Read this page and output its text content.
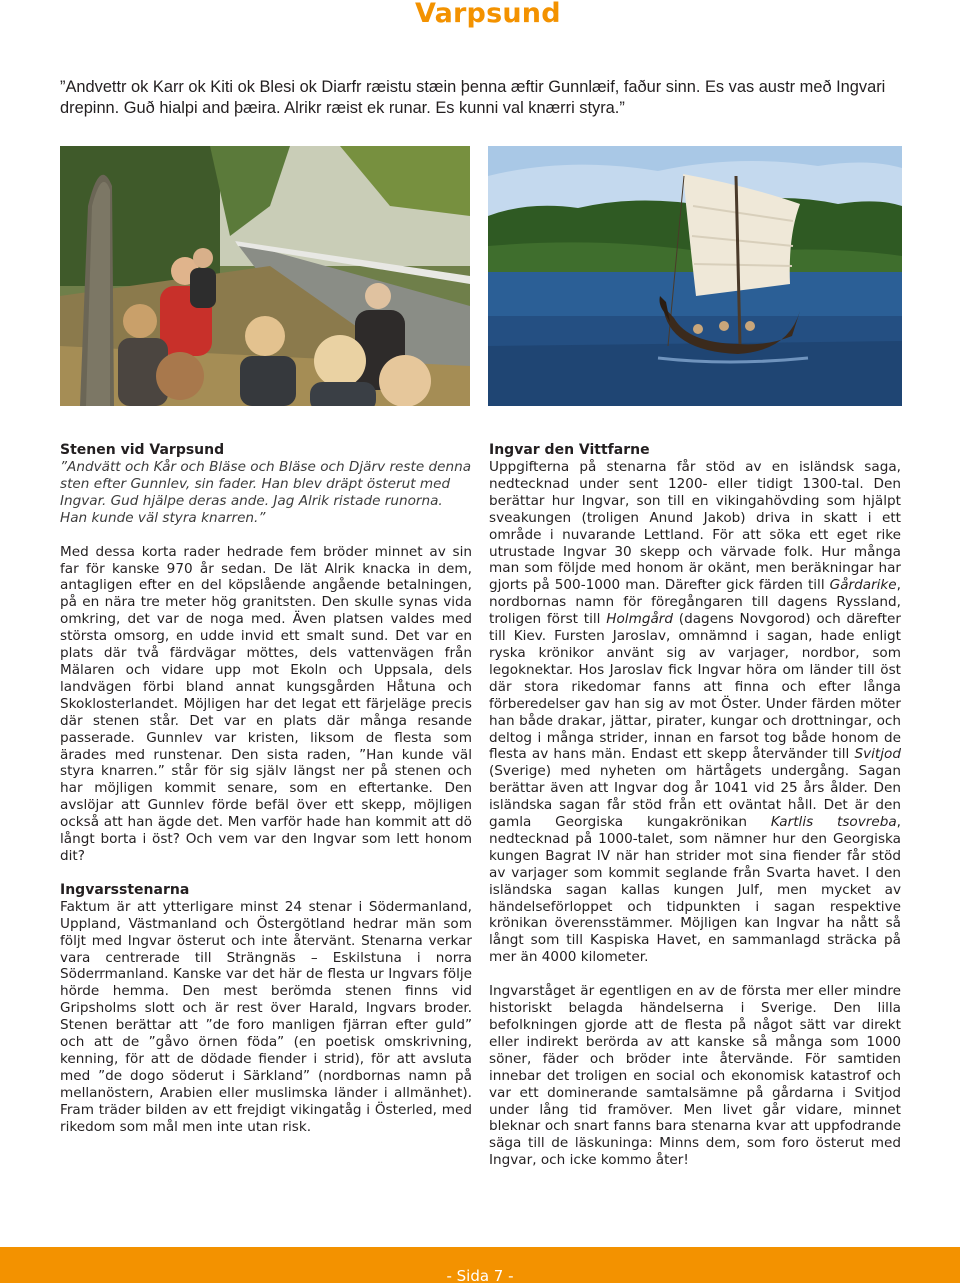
Varpsund

”Andvettr ok Karr ok Kiti ok Blesi ok Diarfr ræistu stæin þenna æftir Gunnlæif, faður sinn. Es vas austr með Ingvari drepinn. Guð hialpi and þæira. Alrikr ræist ek runar. Es kunni val knærri styra.”

Stenen vid Varpsund

”Andvätt och Kår och Bläse och Bläse och Djärv reste denna sten efter Gunnlev, sin fader. Han blev dräpt österut med Ingvar. Gud hjälpe deras ande. Jag Alrik ristade runorna. Han kunde väl styra knarren.”

Med dessa korta rader hedrade fem bröder minnet av sin far för kanske 970 år sedan. De lät Alrik knacka in dem, antagligen efter en del köpslående angående betalningen, på en nära tre meter hög granitsten. Den skulle synas vida omkring, det var de noga med. Även platsen valdes med största omsorg, en udde invid ett smalt sund. Det var en plats där två färdvägar möttes, dels vattenvägen från Mälaren och vidare upp mot Ekoln och Uppsala, dels landvägen förbi bland annat kungsgården Håtuna och Skoklosterlandet. Möjligen har det legat ett färjeläge precis där stenen står. Det var en plats där många resande passerade. Gunnlev var kristen, liksom de flesta som ärades med runstenar. Den sista raden, ”Han kunde väl styra knarren.” står för sig själv längst ner på stenen och har möjligen kommit senare, som en eftertanke. Den avslöjar att Gunnlev förde befäl över ett skepp, möjligen också att han ägde det. Men varför hade han kommit att dö långt borta i öst? Och vem var den Ingvar som lett honom dit?

Ingvarsstenarna

Faktum är att ytterligare minst 24 stenar i Södermanland, Uppland, Västmanland och Östergötland hedrar män som följt med Ingvar österut och inte återvänt. Stenarna verkar vara centrerade till Strängnäs – Eskilstuna i norra Söderrmanland. Kanske var det här de flesta ur Ingvars följe hörde hemma. Den mest berömda stenen finns vid Gripsholms slott och är rest över Harald, Ingvars broder. Stenen berättar att ”de foro manligen fjärran efter guld” och att de ”gåvo örnen föda” (en poetisk omskrivning, kenning, för att de dödade fiender i strid), för att avsluta med ”de dogo söderut i Särkland” (nordbornas namn på mellanöstern, Arabien eller muslimska länder i allmänhet). Fram träder bilden av ett frejdigt vikingatåg i Österled, med rikedom som mål men inte utan risk.

Ingvar den Vittfarne

Uppgifterna på stenarna får stöd av en isländsk saga, nedtecknad under sent 1200- eller tidigt 1300-tal. Den berättar hur Ingvar, son till en vikingahövding som hjälpt sveakungen (troligen Anund Jakob) driva in skatt i ett område i nuvarande Lettland. För att söka ett eget rike utrustade Ingvar 30 skepp och värvade folk. Hur många man som följde med honom är okänt, men beräkningar har gjorts på 500-1000 man. Därefter gick färden till Gårdarike, nordbornas namn för föregångaren till dagens Ryssland, troligen först till Holmgård (dagens Novgorod) och därefter till Kiev. Fursten Jaroslav, omnämnd i sagan, hade enligt ryska krönikor använt sig av varjager, nordbor, som legoknektar. Hos Jaroslav fick Ingvar höra om länder till öst där stora rikedomar fanns att finna och efter långa förberedelser gav han sig av mot Öster. Under färden möter han både drakar, jättar, pirater, kungar och drottningar, och deltog i många strider, innan en farsot tog både honom de flesta av hans män. Endast ett skepp återvänder till Svitjod (Sverige) med nyheten om härtågets undergång. Sagan berättar även att Ingvar dog år 1041 vid 25 års ålder. Den isländska sagan får stöd från ett oväntat håll. Det är den gamla Georgiska kungakrönikan Kartlis tsovreba, nedtecknad på 1000-talet, som nämner hur den Georgiska kungen Bagrat IV när han strider mot sina fiender får stöd av varjager som kommit seglande från Svarta havet. I den isländska sagan kallas kungen Julf, men mycket av händelseförloppet och tidpunkten i sagan respektive krönikan överensstämmer. Möjligen kan Ingvar ha nått så långt som till Kaspiska Havet, en sammanlagd sträcka på mer än 4000 kilometer.

Ingvarståget är egentligen en av de första mer eller mindre historiskt belagda händelserna i Sverige. Den lilla befolkningen gjorde att de flesta på något sätt var direkt eller indirekt berörda av att kanske så många som 1000 söner, fäder och bröder inte återvände. För samtiden innebar det troligen en social och ekonomisk katastrof och var ett dominerande samtalsämne på gårdarna i Svitjod under lång tid framöver. Men livet går vidare, minnet bleknar och snart fanns bara stenarna kvar att uppfodrande säga till de läskuninga: Minns dem, som foro österut med Ingvar, och icke kommo åter!

- Sida 7 -
